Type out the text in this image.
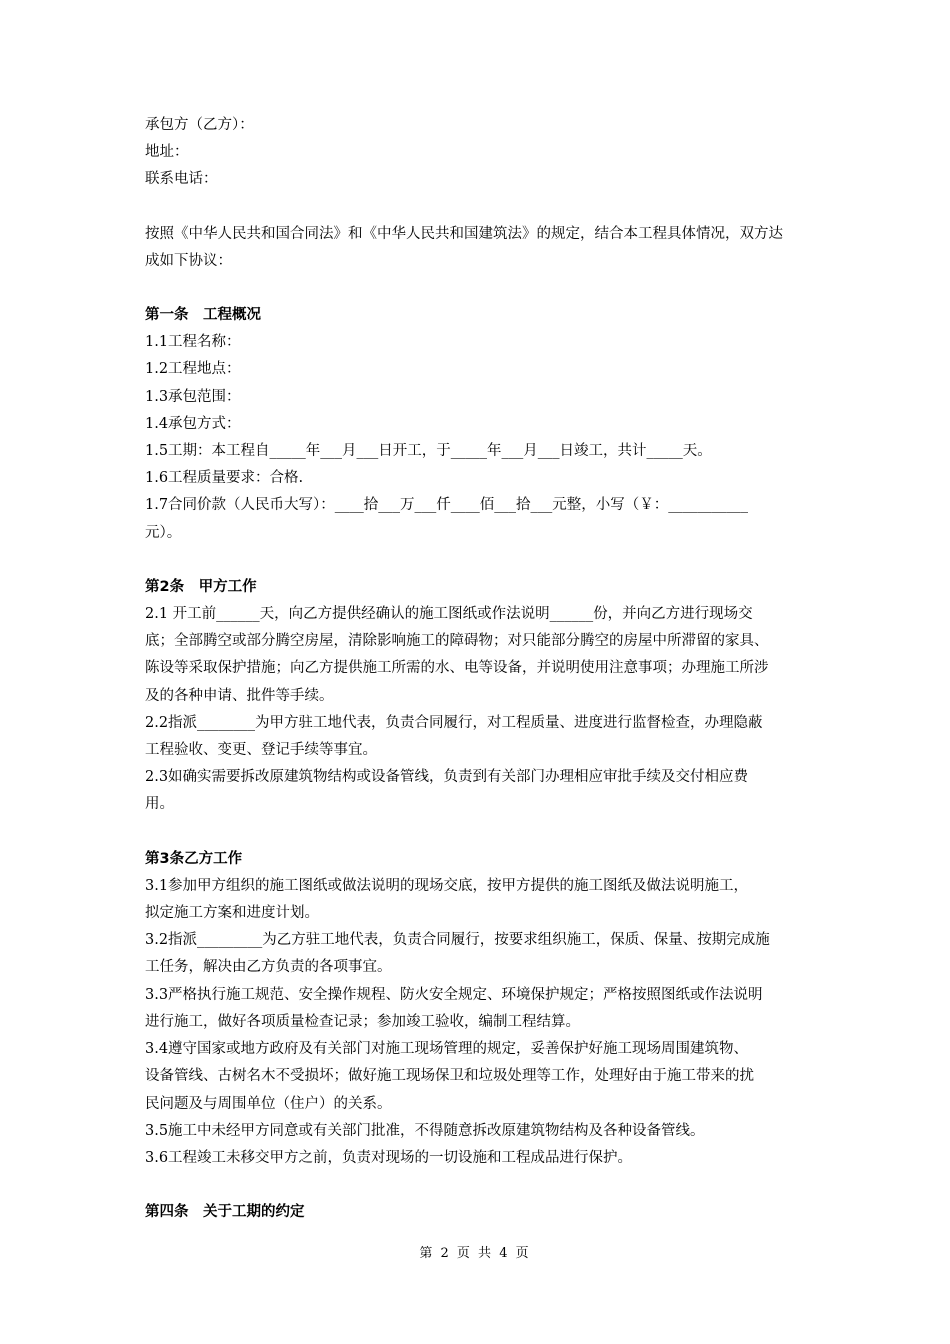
承包方（乙方）：

地址：

联系电话：

按照《中华人民共和国合同法》和《中华人民共和国建筑法》的规定，结合本工程具体情况，双方达
成如下协议：

第一条　工程概况

1.1工程名称：

1.2工程地点：

1.3承包范围：

1.4承包方式：

1.5工期：本工程自_____年___月___日开工，于_____年___月___日竣工，共计_____天。

1.6工程质量要求：合格.

1.7合同价款（人民币大写）：____拾___万___仟____佰___拾___元整，小写（￥：___________
元）。

第2条　甲方工作

2.1 开工前______天，向乙方提供经确认的施工图纸或作法说明______份，并向乙方进行现场交
底；全部腾空或部分腾空房屋，清除影响施工的障碍物；对只能部分腾空的房屋中所滞留的家具、
陈设等采取保护措施；向乙方提供施工所需的水、电等设备，并说明使用注意事项；办理施工所涉
及的各种申请、批件等手续。

2.2指派________为甲方驻工地代表，负责合同履行，对工程质量、进度进行监督检查，办理隐蔽
工程验收、变更、登记手续等事宜。

2.3如确实需要拆改原建筑物结构或设备管线，负责到有关部门办理相应审批手续及交付相应费
用。

第3条乙方工作

3.1参加甲方组织的施工图纸或做法说明的现场交底，按甲方提供的施工图纸及做法说明施工，
拟定施工方案和进度计划。

3.2指派_________为乙方驻工地代表，负责合同履行，按要求组织施工，保质、保量、按期完成施
工任务，解决由乙方负责的各项事宜。

3.3严格执行施工规范、安全操作规程、防火安全规定、环境保护规定；严格按照图纸或作法说明
进行施工，做好各项质量检查记录；参加竣工验收，编制工程结算。

3.4遵守国家或地方政府及有关部门对施工现场管理的规定，妥善保护好施工现场周围建筑物、
设备管线、古树名木不受损坏；做好施工现场保卫和垃圾处理等工作，处理好由于施工带来的扰
民问题及与周围单位（住户）的关系。

3.5施工中未经甲方同意或有关部门批准，不得随意拆改原建筑物结构及各种设备管线。

3.6工程竣工未移交甲方之前，负责对现场的一切设施和工程成品进行保护。

第四条　关于工期的约定

第 2 页 共 4 页
